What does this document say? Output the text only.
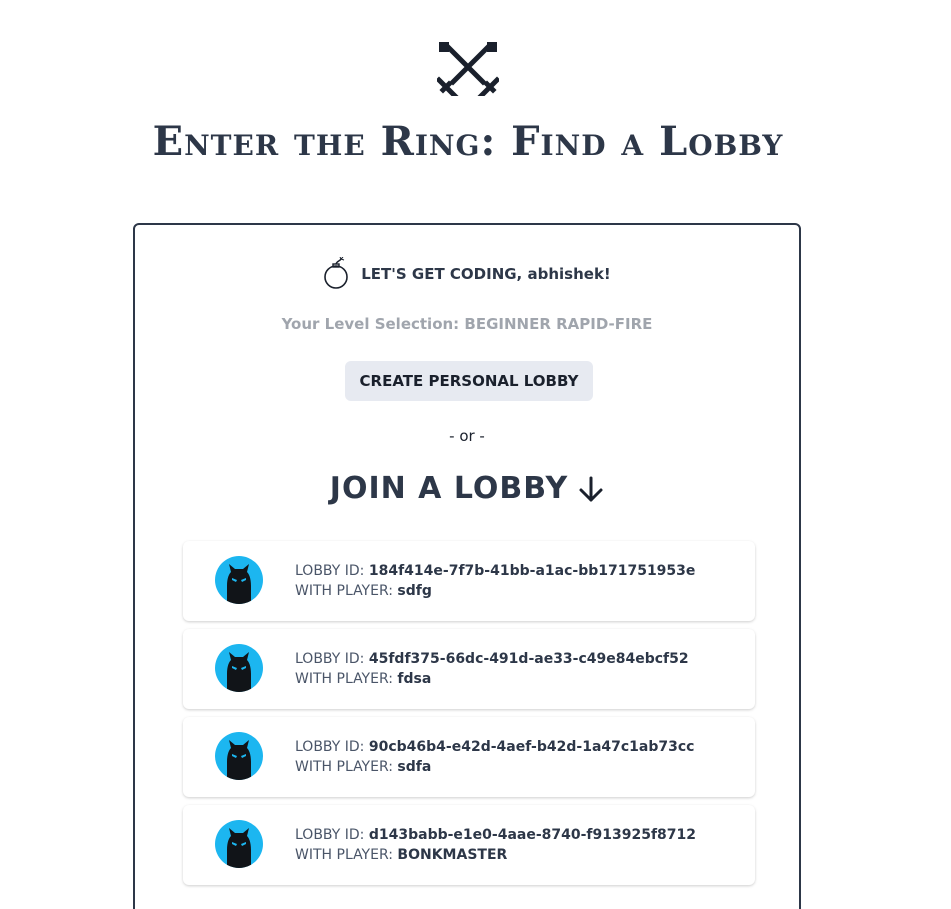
Enter the Ring: Find a Lobby
LET'S GET CODING, abhishek!
Your Level Selection: BEGINNER RAPID-FIRE
CREATE PERSONAL LOBBY
- or -
JOIN A LOBBY
LOBBY ID: 184f414e-7f7b-41bb-a1ac-bb171751953e
WITH PLAYER: sdfg
LOBBY ID: 45fdf375-66dc-491d-ae33-c49e84ebcf52
WITH PLAYER: fdsa
LOBBY ID: 90cb46b4-e42d-4aef-b42d-1a47c1ab73cc
WITH PLAYER: sdfa
LOBBY ID: d143babb-e1e0-4aae-8740-f913925f8712
WITH PLAYER: BONKMASTER
